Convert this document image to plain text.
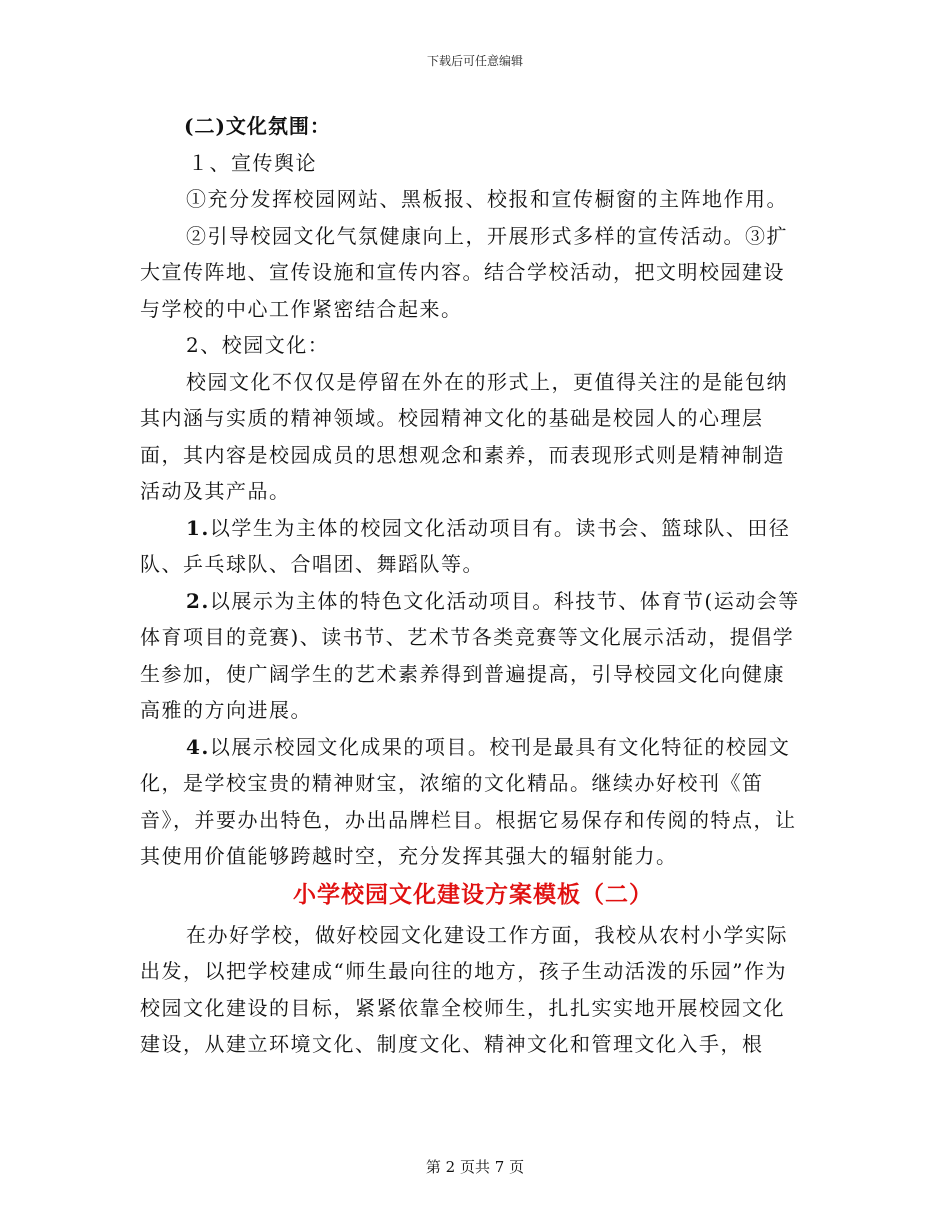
下载后可任意编辑

(二)文化氛围：

１、宣传舆论

①充分发挥校园网站、黑板报、校报和宣传橱窗的主阵地作用。

②引导校园文化气氛健康向上，开展形式多样的宣传活动。③扩大宣传阵地、宣传设施和宣传内容。结合学校活动，把文明校园建设与学校的中心工作紧密结合起来。

2、校园文化：

校园文化不仅仅是停留在外在的形式上，更值得关注的是能包纳其内涵与实质的精神领域。校园精神文化的基础是校园人的心理层面，其内容是校园成员的思想观念和素养，而表现形式则是精神制造活动及其产品。

1.以学生为主体的校园文化活动项目有。读书会、篮球队、田径队、乒乓球队、合唱团、舞蹈队等。

2.以展示为主体的特色文化活动项目。科技节、体育节(运动会等体育项目的竞赛)、读书节、艺术节各类竞赛等文化展示活动，提倡学生参加，使广阔学生的艺术素养得到普遍提高，引导校园文化向健康高雅的方向进展。

4.以展示校园文化成果的项目。校刊是最具有文化特征的校园文化，是学校宝贵的精神财宝，浓缩的文化精品。继续办好校刊《笛音》，并要办出特色，办出品牌栏目。根据它易保存和传阅的特点，让其使用价值能够跨越时空，充分发挥其强大的辐射能力。

小学校园文化建设方案模板（二）

在办好学校，做好校园文化建设工作方面，我校从农村小学实际出发，以把学校建成“师生最向往的地方，孩子生动活泼的乐园”作为校园文化建设的目标，紧紧依靠全校师生，扎扎实实地开展校园文化建设，从建立环境文化、制度文化、精神文化和管理文化入手，根

第 2 页共 7 页
